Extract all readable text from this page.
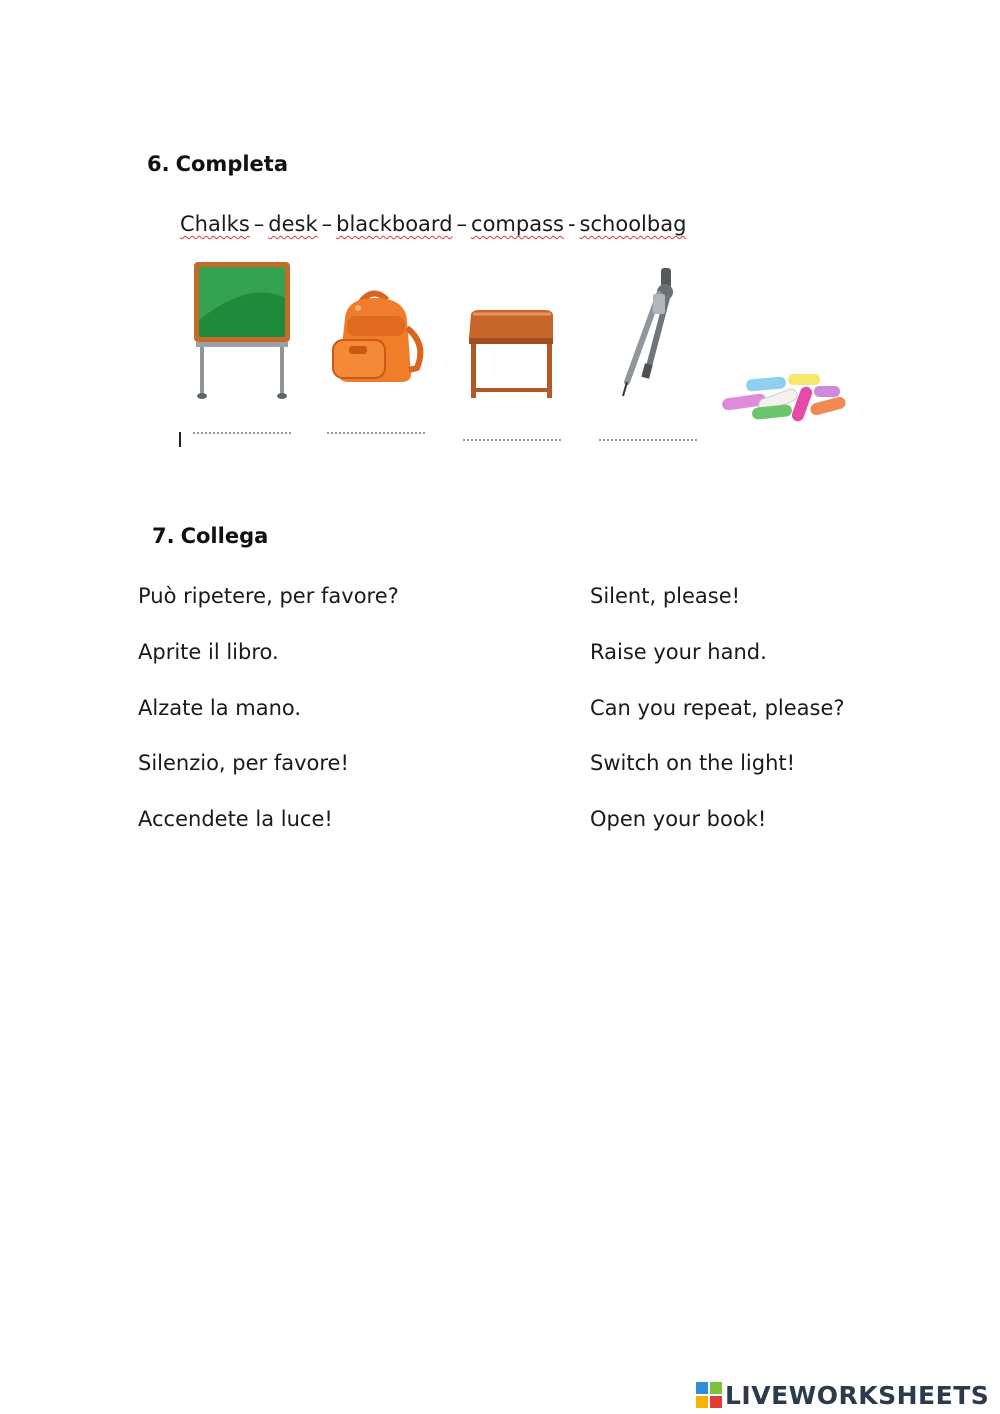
6. Completa
Chalks – desk – blackboard – compass - schoolbag
7. Collega
Può ripetere, per favore?
Aprite il libro.
Alzate la mano.
Silenzio, per favore!
Accendete la luce!
Silent, please!
Raise your hand.
Can you repeat, please?
Switch on the light!
Open your book!
LIVEWORKSHEETS
